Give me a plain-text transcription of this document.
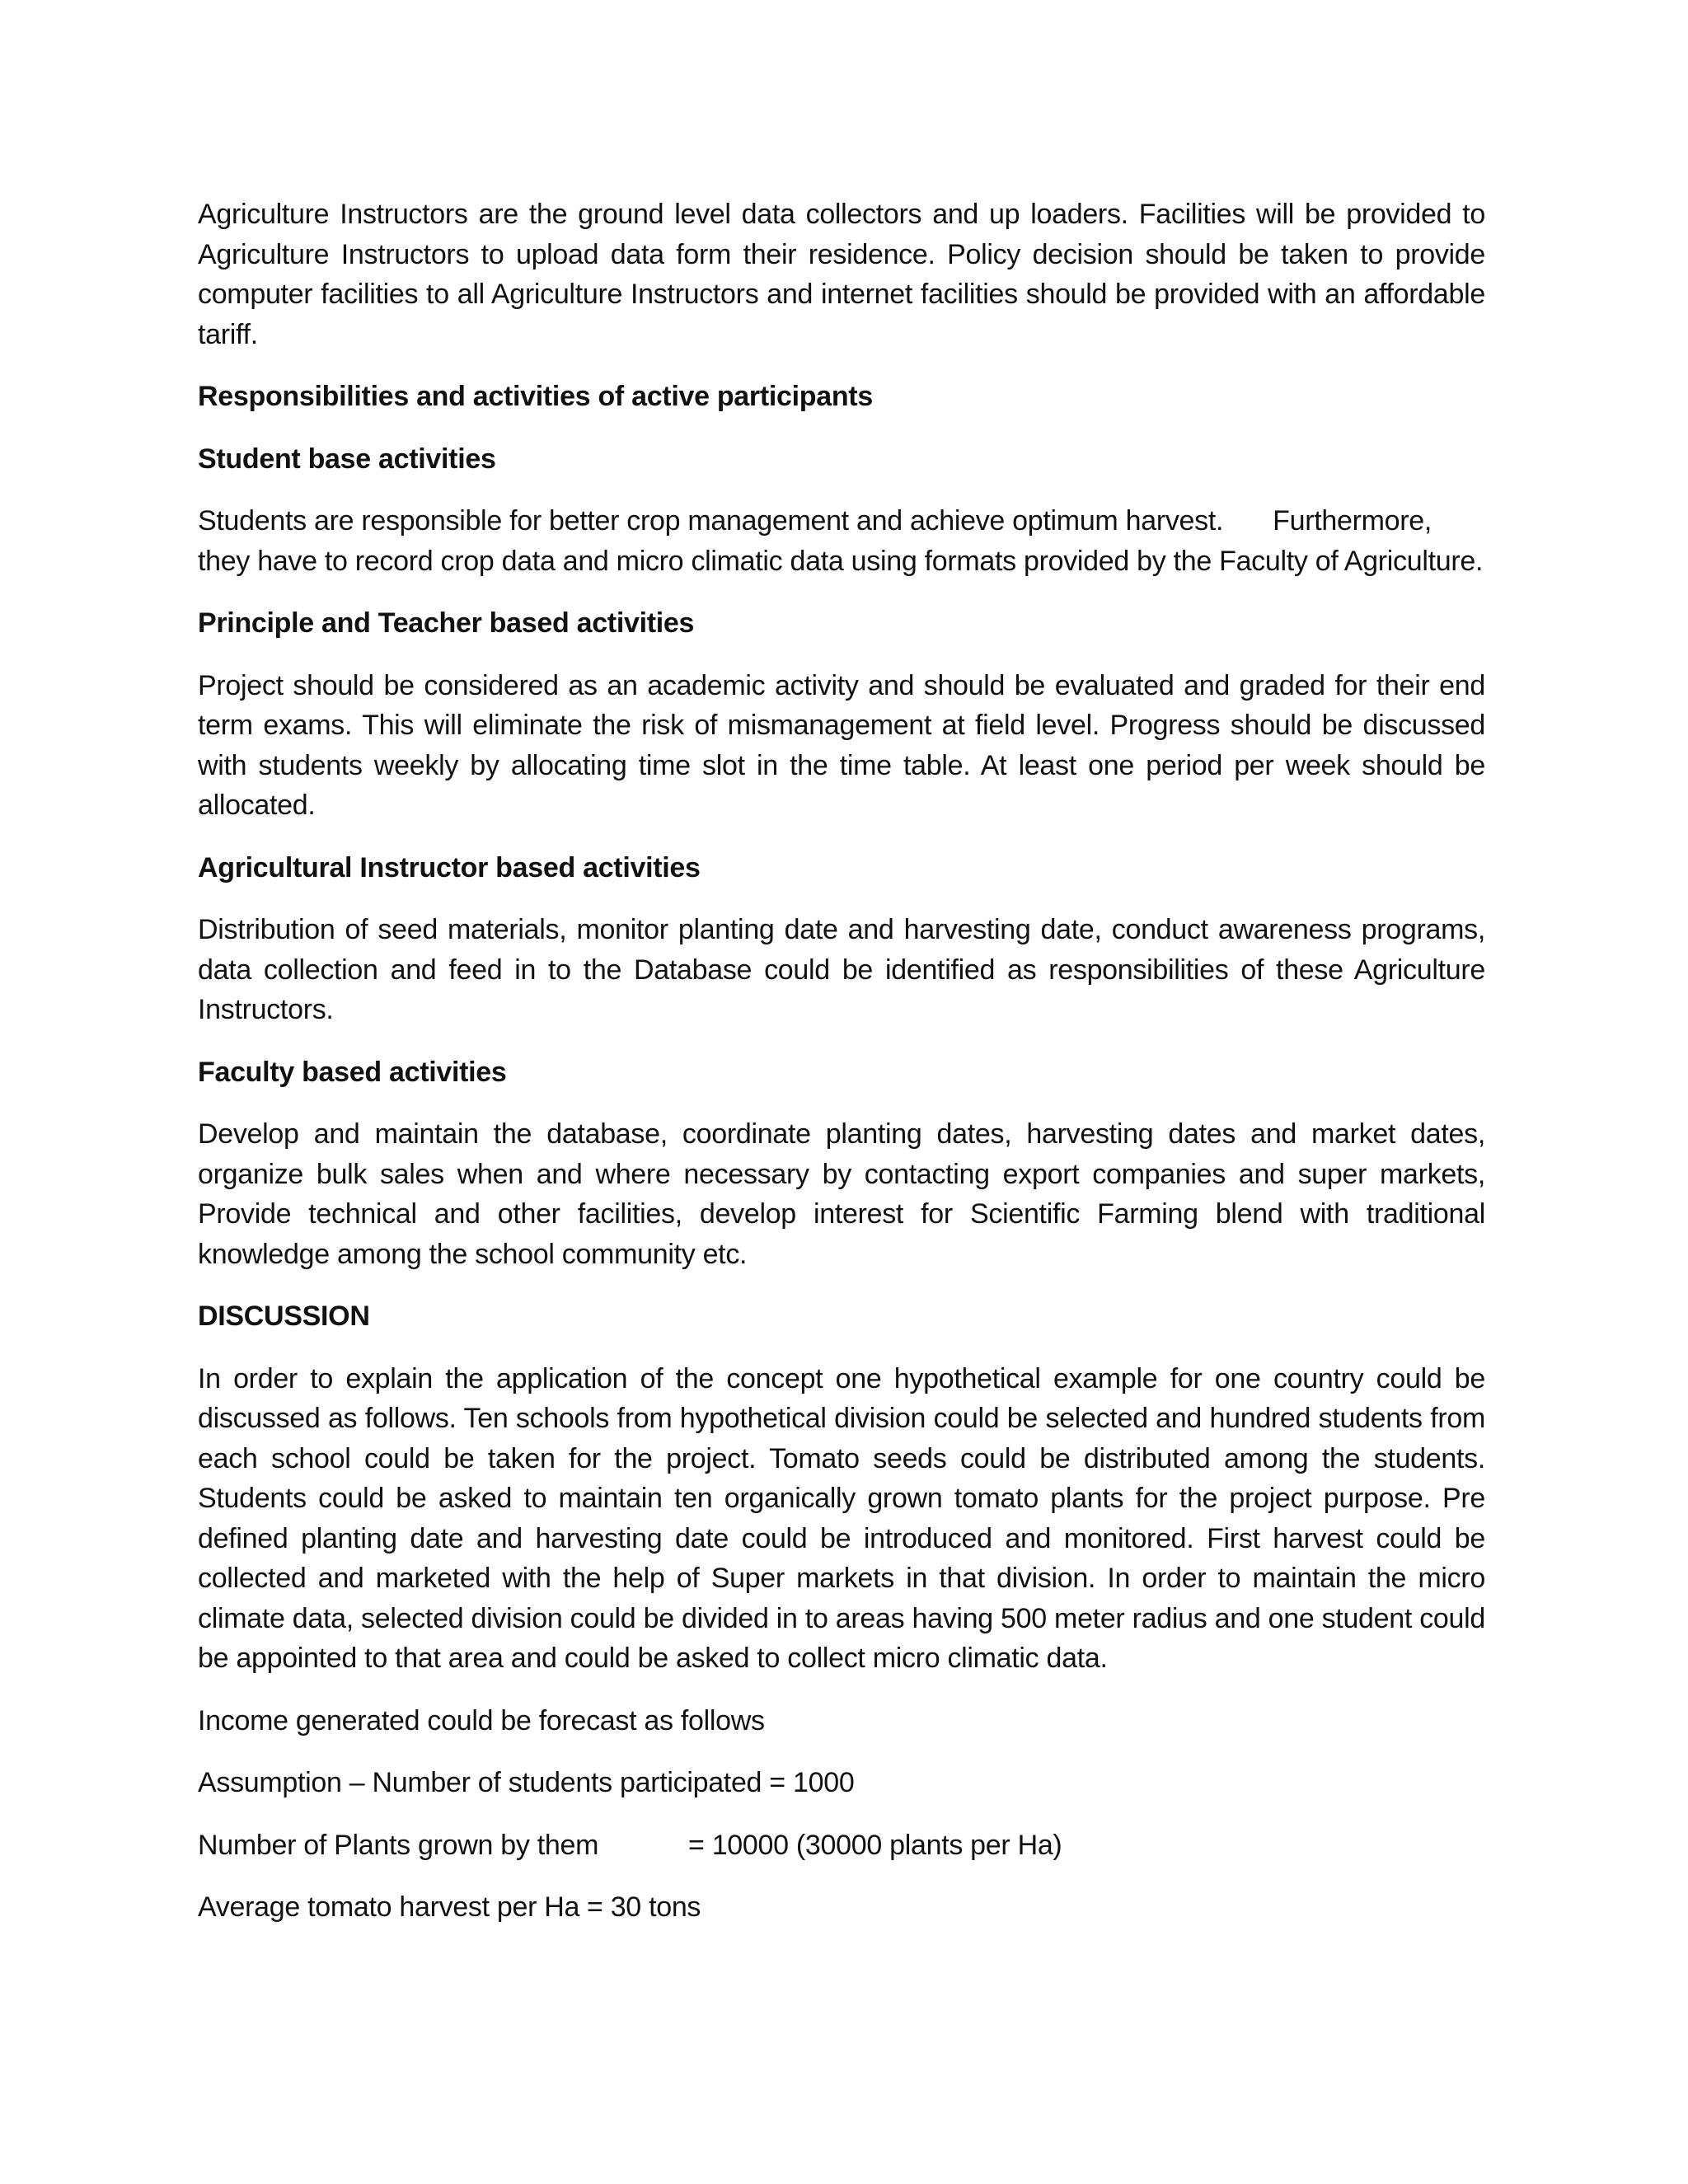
Agriculture Instructors are the ground level data collectors and up loaders. Facilities will be provided to Agriculture Instructors to upload data form their residence. Policy decision should be taken to provide computer facilities to all Agriculture Instructors and internet facilities should be provided with an affordable tariff.

Responsibilities and activities of active participants

Student base activities

Students are responsible for better crop management and achieve optimum harvest. Furthermore,
they have to record crop data and micro climatic data using formats provided by the Faculty of Agriculture.

Principle and Teacher based activities

Project should be considered as an academic activity and should be evaluated and graded for their end term exams. This will eliminate the risk of mismanagement at field level. Progress should be discussed with students weekly by allocating time slot in the time table. At least one period per week should be allocated.

Agricultural Instructor based activities

Distribution of seed materials, monitor planting date and harvesting date, conduct awareness programs, data collection and feed in to the Database could be identified as responsibilities of these Agriculture Instructors.

Faculty based activities

Develop and maintain the database, coordinate planting dates, harvesting dates and market dates, organize bulk sales when and where necessary by contacting export companies and super markets, Provide technical and other facilities, develop interest for Scientific Farming blend with traditional knowledge among the school community etc.

DISCUSSION

In order to explain the application of the concept one hypothetical example for one country could be discussed as follows. Ten schools from hypothetical division could be selected and hundred students from each school could be taken for the project. Tomato seeds could be distributed among the students. Students could be asked to maintain ten organically grown tomato plants for the project purpose. Pre defined planting date and harvesting date could be introduced and monitored. First harvest could be collected and marketed with the help of Super markets in that division. In order to maintain the micro climate data, selected division could be divided in to areas having 500 meter radius and one student could be appointed to that area and could be asked to collect micro climatic data.

Income generated could be forecast as follows

Assumption – Number of students participated = 1000

Number of Plants grown by them	= 10000 (30000 plants per Ha)

Average tomato harvest per Ha = 30 tons
